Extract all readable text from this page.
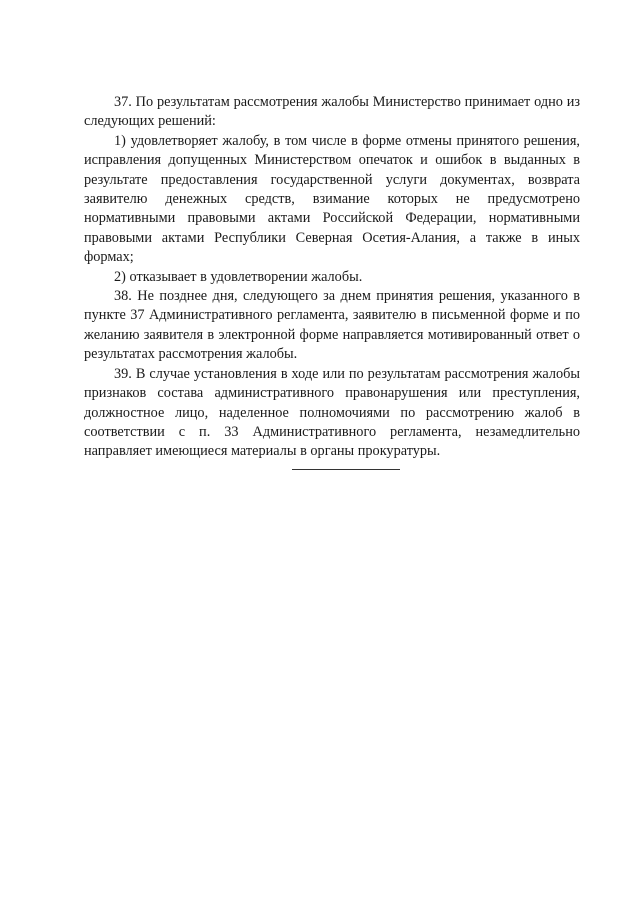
37. По результатам рассмотрения жалобы Министерство принимает одно из следующих решений:

1) удовлетворяет жалобу, в том числе в форме отмены принятого решения, исправления допущенных Министерством опечаток и ошибок в выданных в результате предоставления государственной услуги документах, возврата заявителю денежных средств, взимание которых не предусмотрено нормативными правовыми актами Российской Федерации, нормативными правовыми актами Республики Северная Осетия-Алания, а также в иных формах;

2) отказывает в удовлетворении жалобы.

38. Не позднее дня, следующего за днем принятия решения, указанного в пункте 37 Административного регламента, заявителю в письменной форме и по желанию заявителя в электронной форме направляется мотивированный ответ о результатах рассмотрения жалобы.

39. В случае установления в ходе или по результатам рассмотрения жалобы признаков состава административного правонарушения или преступления, должностное лицо, наделенное полномочиями по рассмотрению жалоб в соответствии с п. 33 Административного регламента, незамедлительно направляет имеющиеся материалы в органы прокуратуры.
